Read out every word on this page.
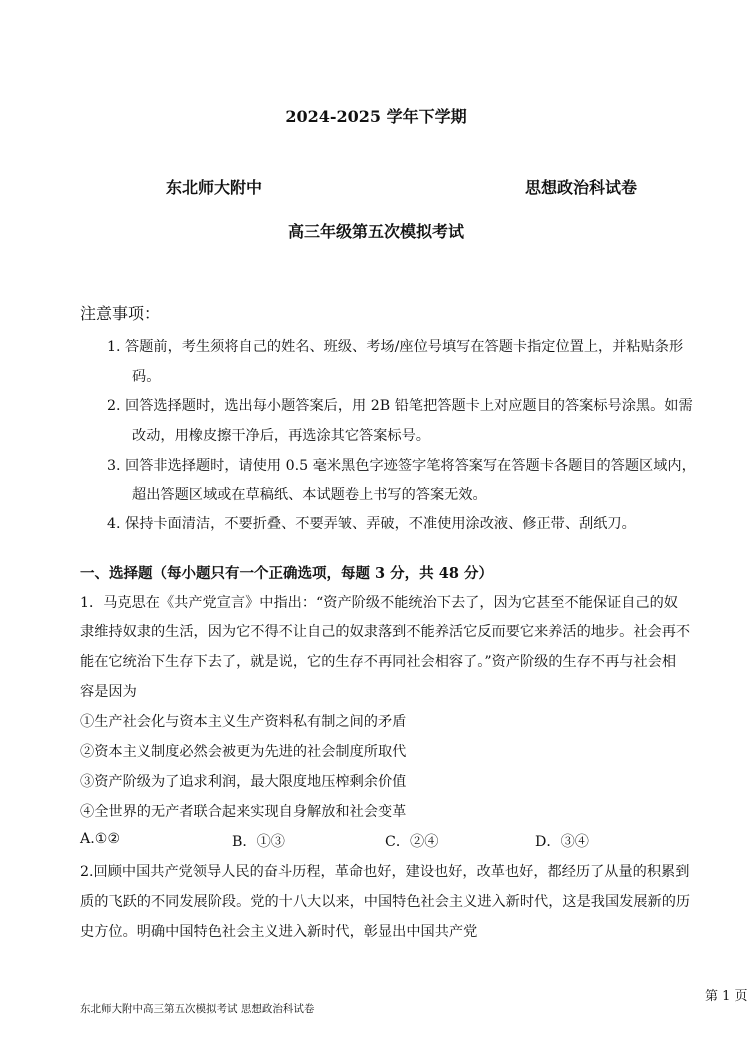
2024-2025 学年下学期
东北师大附中	思想政治科试卷
高三年级第五次模拟考试
注意事项：
1. 答题前，考生须将自己的姓名、班级、考场/座位号填写在答题卡指定位置上，并粘贴条形
码。
2. 回答选择题时，选出每小题答案后，用 2B 铅笔把答题卡上对应题目的答案标号涂黑。如需
改动，用橡皮擦干净后，再选涂其它答案标号。
3. 回答非选择题时，请使用 0.5 毫米黑色字迹签字笔将答案写在答题卡各题目的答题区域内，
超出答题区域或在草稿纸、本试题卷上书写的答案无效。
4. 保持卡面清洁，不要折叠、不要弄皱、弄破，不准使用涂改液、修正带、刮纸刀。
一、选择题（每小题只有一个正确选项，每题 3 分，共 48 分）
1．马克思在《共产党宣言》中指出：“资产阶级不能统治下去了，因为它甚至不能保证自己的奴
隶维持奴隶的生活，因为它不得不让自己的奴隶落到不能养活它反而要它来养活的地步。社会再不
能在它统治下生存下去了，就是说，它的生存不再同社会相容了。”资产阶级的生存不再与社会相
容是因为
①生产社会化与资本主义生产资料私有制之间的矛盾
②资本主义制度必然会被更为先进的社会制度所取代
③资产阶级为了追求利润，最大限度地压榨剩余价值
④全世界的无产者联合起来实现自身解放和社会变革
A.①②	B．①③	C．②④	D．③④
2.回顾中国共产党领导人民的奋斗历程，革命也好，建设也好，改革也好，都经历了从量的积累到
质的飞跃的不同发展阶段。党的十八大以来，中国特色社会主义进入新时代，这是我国发展新的历
史方位。明确中国特色社会主义进入新时代，彰显出中国共产党
第 1 页
东北师大附中高三第五次模拟考试 思想政治科试卷
